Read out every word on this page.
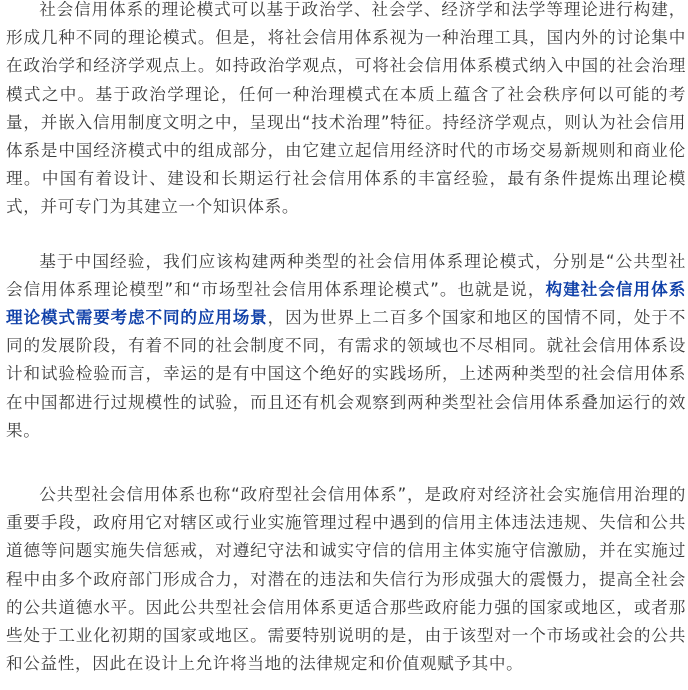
社会信用体系的理论模式可以基于政治学、社会学、经济学和法学等理论进行构建，形成几种不同的理论模式。但是，将社会信用体系视为一种治理工具，国内外的讨论集中在政治学和经济学观点上。如持政治学观点，可将社会信用体系模式纳入中国的社会治理模式之中。基于政治学理论，任何一种治理模式在本质上蕴含了社会秩序何以可能的考量，并嵌入信用制度文明之中，呈现出“技术治理”特征。持经济学观点，则认为社会信用体系是中国经济模式中的组成部分，由它建立起信用经济时代的市场交易新规则和商业伦理。中国有着设计、建设和长期运行社会信用体系的丰富经验，最有条件提炼出理论模式，并可专门为其建立一个知识体系。

基于中国经验，我们应该构建两种类型的社会信用体系理论模式，分别是“公共型社会信用体系理论模型”和“市场型社会信用体系理论模式”。也就是说，构建社会信用体系理论模式需要考虑不同的应用场景，因为世界上二百多个国家和地区的国情不同，处于不同的发展阶段，有着不同的社会制度不同，有需求的领域也不尽相同。就社会信用体系设计和试验检验而言，幸运的是有中国这个绝好的实践场所，上述两种类型的社会信用体系在中国都进行过规模性的试验，而且还有机会观察到两种类型社会信用体系叠加运行的效果。

公共型社会信用体系也称“政府型社会信用体系”，是政府对经济社会实施信用治理的重要手段，政府用它对辖区或行业实施管理过程中遇到的信用主体违法违规、失信和公共道德等问题实施失信惩戒，对遵纪守法和诚实守信的信用主体实施守信激励，并在实施过程中由多个政府部门形成合力，对潜在的违法和失信行为形成强大的震慑力，提高全社会的公共道德水平。因此公共型社会信用体系更适合那些政府能力强的国家或地区，或者那些处于工业化初期的国家或地区。需要特别说明的是，由于该型对一个市场或社会的公共和公益性，因此在设计上允许将当地的法律规定和价值观赋予其中。
